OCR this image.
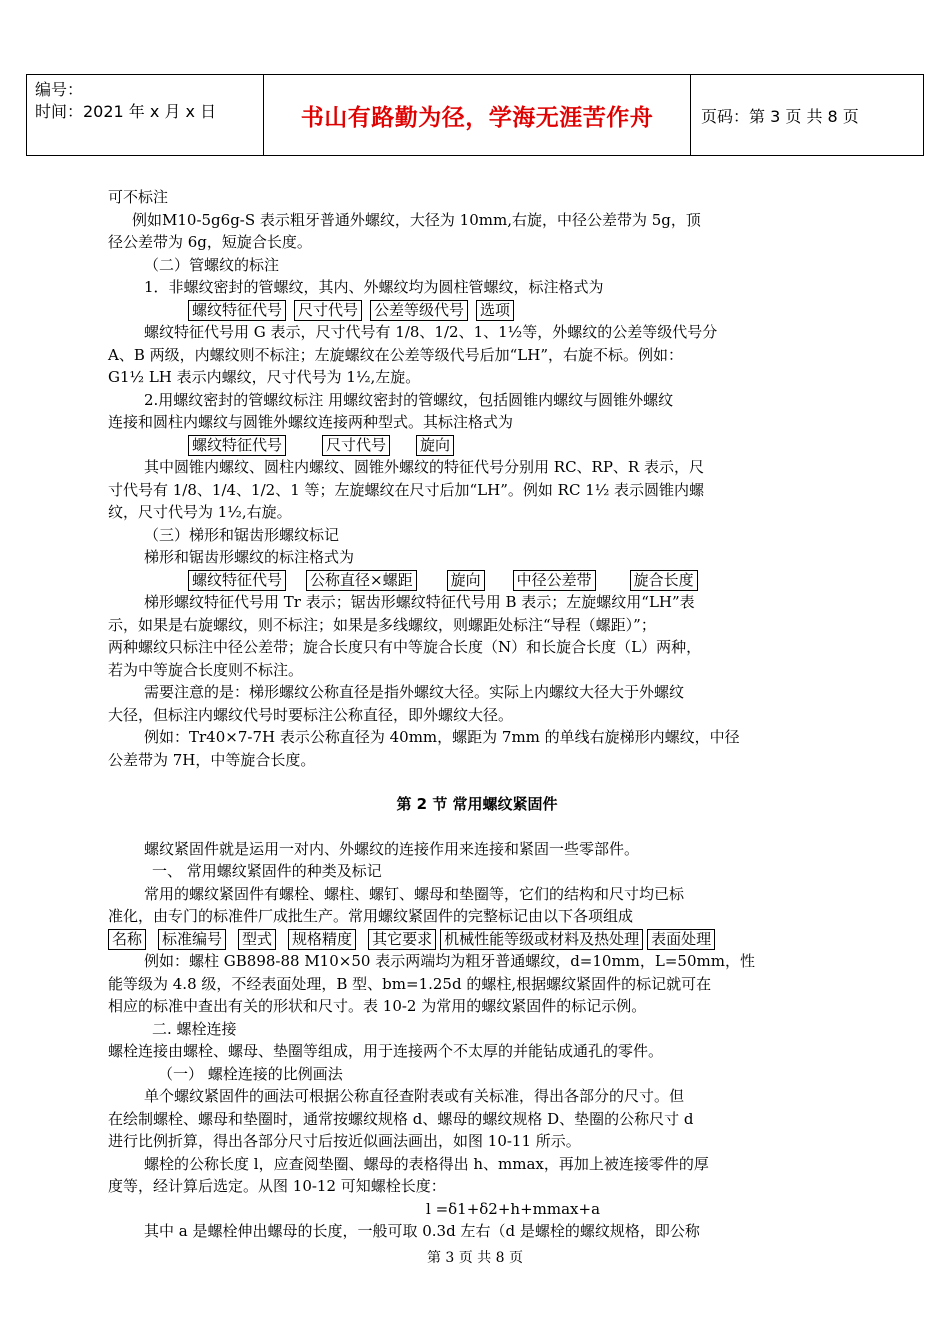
编号：
时间：2021 年 x 月 x 日	书山有路勤为径，学海无涯苦作舟	页码：第 3 页 共 8 页
可不标注
例如M10-5g6g-S 表示粗牙普通外螺纹，大径为 10mm,右旋，中径公差带为 5g，顶
径公差带为 6g，短旋合长度。
（二）管螺纹的标注
1．非螺纹密封的管螺纹，其内、外螺纹均为圆柱管螺纹，标注格式为
螺纹特征代号 尺寸代号 公差等级代号 选项
螺纹特征代号用 G 表示，尺寸代号有 1/8、1/2、1、1½等，外螺纹的公差等级代号分
A、B 两级，内螺纹则不标注；左旋螺纹在公差等级代号后加“LH”，右旋不标。例如：
G1½ LH 表示内螺纹，尺寸代号为 1½,左旋。
2.用螺纹密封的管螺纹标注 用螺纹密封的管螺纹，包括圆锥内螺纹与圆锥外螺纹
连接和圆柱内螺纹与圆锥外螺纹连接两种型式。其标注格式为
螺纹特征代号	尺寸代号 旋向
其中圆锥内螺纹、圆柱内螺纹、圆锥外螺纹的特征代号分别用 RC、RP、R 表示，尺
寸代号有 1/8、1/4、1/2、1 等；左旋螺纹在尺寸后加“LH”。例如 RC 1½ 表示圆锥内螺
纹，尺寸代号为 1½,右旋。
（三）梯形和锯齿形螺纹标记
梯形和锯齿形螺纹的标注格式为
螺纹特征代号 公称直径×螺距	旋向 中径公差带	旋合长度
梯形螺纹特征代号用 Tr 表示；锯齿形螺纹特征代号用 B 表示；左旋螺纹用“LH”表
示，如果是右旋螺纹，则不标注；如果是多线螺纹，则螺距处标注“导程（螺距）”；
两种螺纹只标注中径公差带；旋合长度只有中等旋合长度（N）和长旋合长度（L）两种，
若为中等旋合长度则不标注。
需要注意的是：梯形螺纹公称直径是指外螺纹大径。实际上内螺纹大径大于外螺纹
大径，但标注内螺纹代号时要标注公称直径，即外螺纹大径。
例如：Tr40×7-7H 表示公称直径为 40mm，螺距为 7mm 的单线右旋梯形内螺纹，中径
公差带为 7H，中等旋合长度。
第 2 节 常用螺纹紧固件
螺纹紧固件就是运用一对内、外螺纹的连接作用来连接和紧固一些零部件。
一、 常用螺纹紧固件的种类及标记
常用的螺纹紧固件有螺栓、螺柱、螺钉、螺母和垫圈等，它们的结构和尺寸均已标
准化，由专门的标准件厂成批生产。常用螺纹紧固件的完整标记由以下各项组成
名称 标准编号 型式 规格精度 其它要求 机械性能等级或材料及热处理 表面处理
例如：螺柱 GB898-88 M10×50 表示两端均为粗牙普通螺纹，d=10mm，L=50mm，性
能等级为 4.8 级，不经表面处理，B 型、bm=1.25d 的螺柱,根据螺纹紧固件的标记就可在
相应的标准中查出有关的形状和尺寸。表 10-2 为常用的螺纹紧固件的标记示例。
二. 螺栓连接
螺栓连接由螺栓、螺母、垫圈等组成，用于连接两个不太厚的并能钻成通孔的零件。
（一） 螺栓连接的比例画法
单个螺纹紧固件的画法可根据公称直径查附表或有关标准，得出各部分的尺寸。但
在绘制螺栓、螺母和垫圈时，通常按螺纹规格 d、螺母的螺纹规格 D、垫圈的公称尺寸 d
进行比例折算，得出各部分尺寸后按近似画法画出，如图 10-11 所示。
螺栓的公称长度 l，应查阅垫圈、螺母的表格得出 h、mmax，再加上被连接零件的厚
度等，经计算后选定。从图 10-12 可知螺栓长度：
l =δ1+δ2+h+mmax+a
其中 a 是螺栓伸出螺母的长度，一般可取 0.3d 左右（d 是螺栓的螺纹规格，即公称
第 3 页 共 8 页
